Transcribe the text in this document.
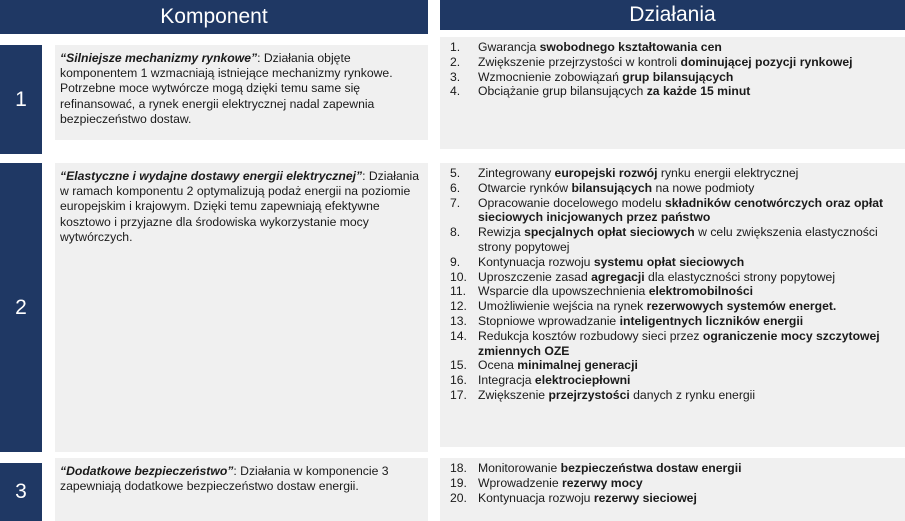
Komponent	Działania
1
“Silniejsze mechanizmy rynkowe”: Działania objęte komponentem 1 wzmacniają istniejące mechanizmy rynkowe. Potrzebne moce wytwórcze mogą dzięki temu same się refinansować, a rynek energii elektrycznej nadal zapewnia bezpieczeństwo dostaw.
1.	Gwarancja swobodnego kształtowania cen
2.	Zwiększenie przejrzystości w kontroli dominującej pozycji rynkowej
3.	Wzmocnienie zobowiązań grup bilansujących
4.	Obciążanie grup bilansujących za każde 15 minut
2
“Elastyczne i wydajne dostawy energii elektrycznej”: Działania w ramach komponentu 2 optymalizują podaż energii na poziomie europejskim i krajowym. Dzięki temu zapewniają efektywne kosztowo i przyjazne dla środowiska wykorzystanie mocy wytwórczych.
5.	Zintegrowany europejski rozwój rynku energii elektrycznej
6.	Otwarcie rynków bilansujących na nowe podmioty
7.	Opracowanie docelowego modelu składników cenotwórczych oraz opłat sieciowych inicjowanych przez państwo
8.	Rewizja specjalnych opłat sieciowych w celu zwiększenia elastyczności strony popytowej
9.	Kontynuacja rozwoju systemu opłat sieciowych
10. Uproszczenie zasad agregacji dla elastyczności strony popytowej
11. Wsparcie dla upowszechnienia elektromobilności
12. Umożliwienie wejścia na rynek rezerwowych systemów energet.
13. Stopniowe wprowadzanie inteligentnych liczników energii
14. Redukcja kosztów rozbudowy sieci przez ograniczenie mocy szczytowej zmiennych OZE
15. Ocena minimalnej generacji
16. Integracja elektrociepłowni
17. Zwiększenie przejrzystości danych z rynku energii
3
“Dodatkowe bezpieczeństwo”: Działania w komponencie 3 zapewniają dodatkowe bezpieczeństwo dostaw energii.
18. Monitorowanie bezpieczeństwa dostaw energii
19. Wprowadzenie rezerwy mocy
20. Kontynuacja rozwoju rezerwy sieciowej
